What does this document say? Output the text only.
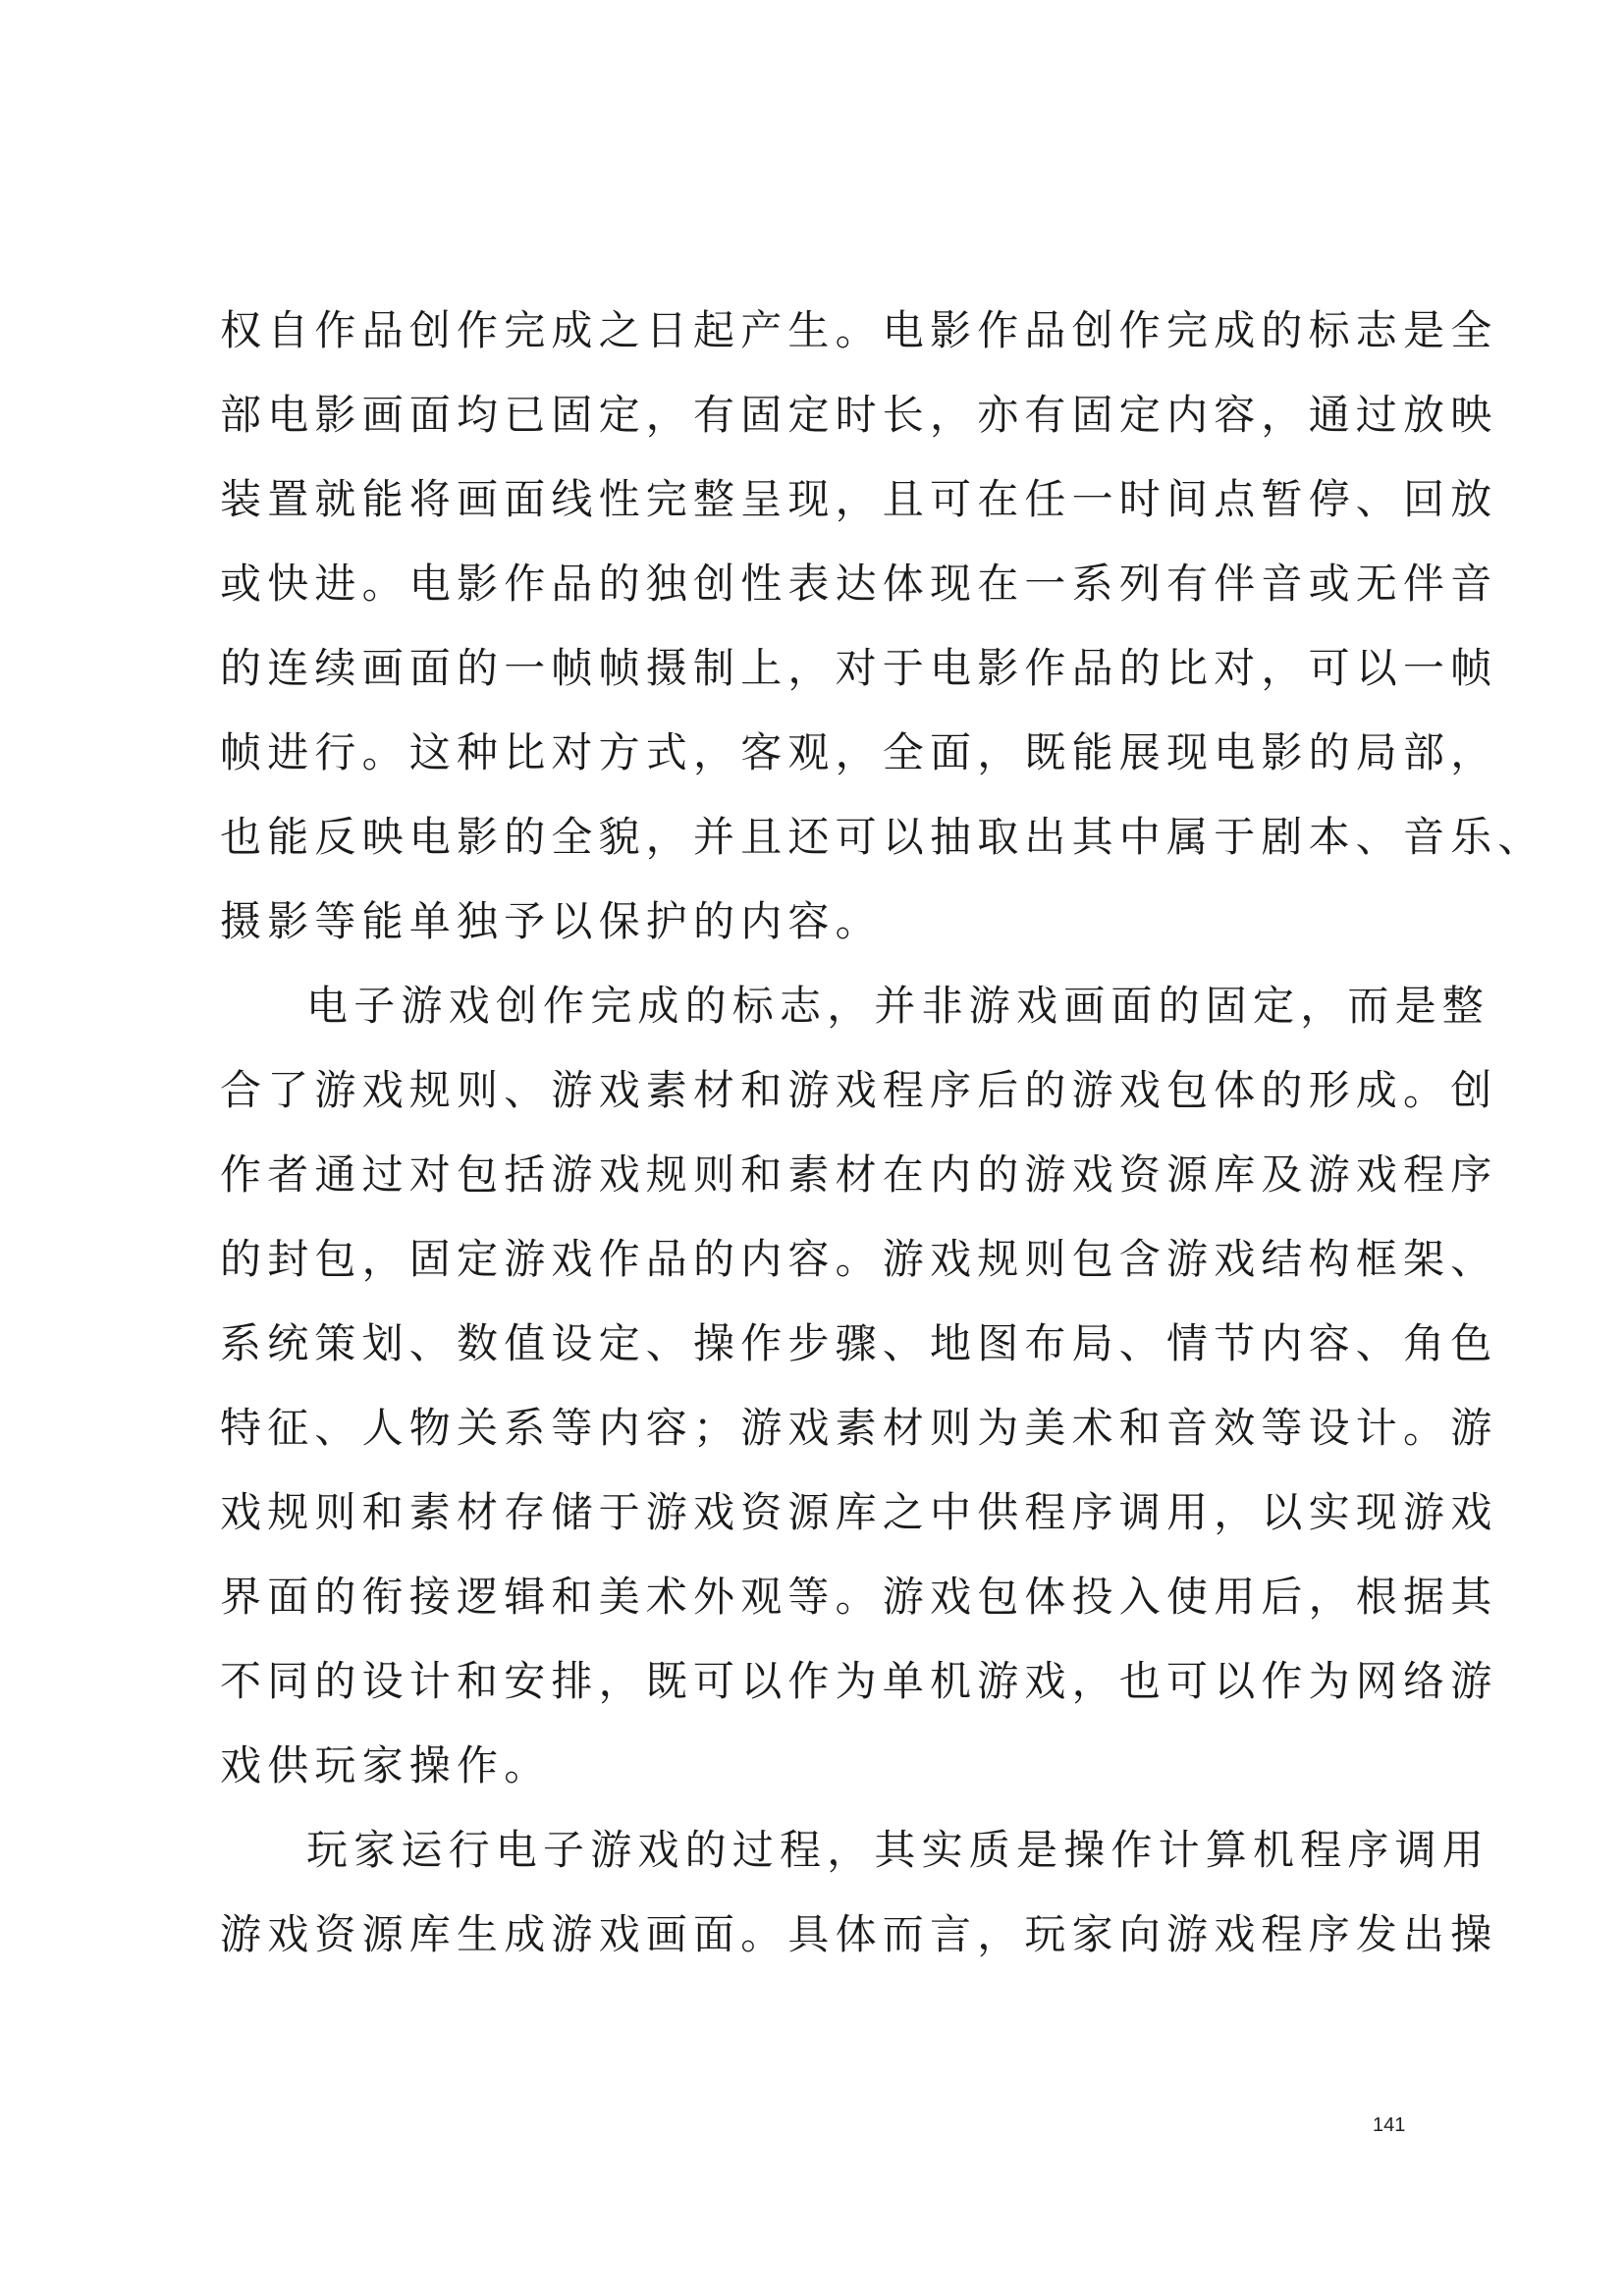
权自作品创作完成之日起产生。电影作品创作完成的标志是全
部电影画面均已固定，有固定时长，亦有固定内容，通过放映
装置就能将画面线性完整呈现，且可在任一时间点暂停、回放
或快进。电影作品的独创性表达体现在一系列有伴音或无伴音
的连续画面的一帧帧摄制上，对于电影作品的比对，可以一帧
帧进行。这种比对方式，客观，全面，既能展现电影的局部，
也能反映电影的全貌，并且还可以抽取出其中属于剧本、音乐、
摄影等能单独予以保护的内容。
电子游戏创作完成的标志，并非游戏画面的固定，而是整
合了游戏规则、游戏素材和游戏程序后的游戏包体的形成。创
作者通过对包括游戏规则和素材在内的游戏资源库及游戏程序
的封包，固定游戏作品的内容。游戏规则包含游戏结构框架、
系统策划、数值设定、操作步骤、地图布局、情节内容、角色
特征、人物关系等内容；游戏素材则为美术和音效等设计。游
戏规则和素材存储于游戏资源库之中供程序调用，以实现游戏
界面的衔接逻辑和美术外观等。游戏包体投入使用后，根据其
不同的设计和安排，既可以作为单机游戏，也可以作为网络游
戏供玩家操作。
玩家运行电子游戏的过程，其实质是操作计算机程序调用
游戏资源库生成游戏画面。具体而言，玩家向游戏程序发出操
141
